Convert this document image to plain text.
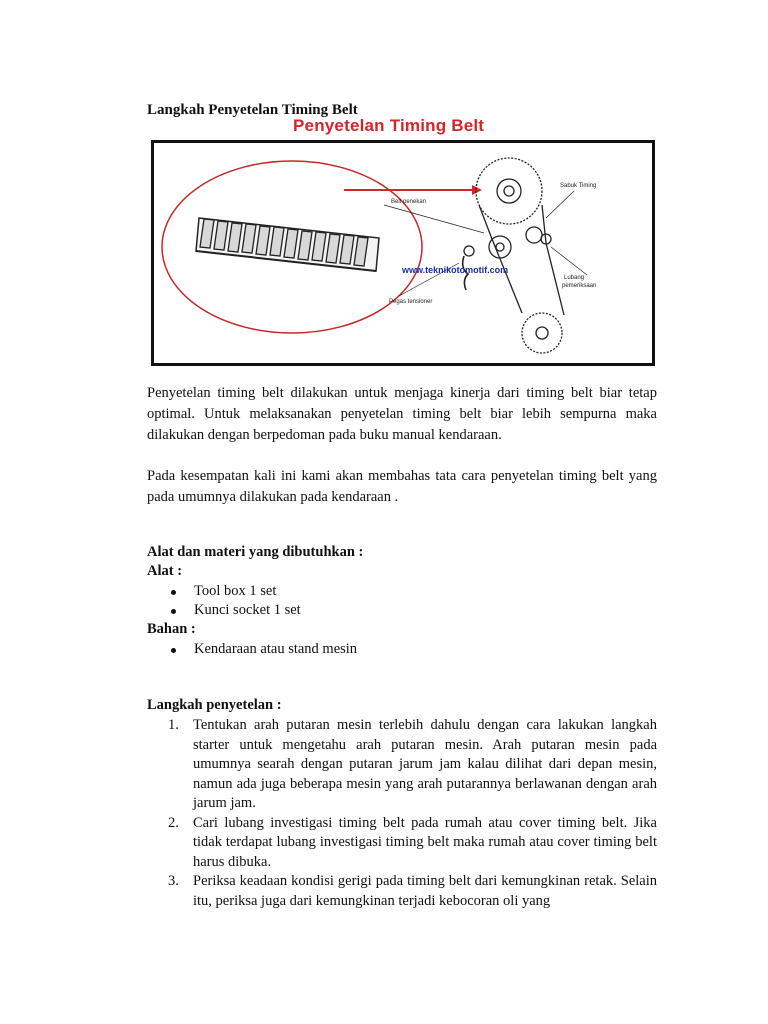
Langkah Penyetelan Timing Belt
Penyetelan Timing Belt
Belt penekan
Sabuk Timing
Lubang
pemeriksaan
Pegas tensioner
www.teknikotomotif.com

Penyetelan timing belt dilakukan untuk menjaga kinerja dari timing belt biar tetap optimal. Untuk melaksanakan penyetelan timing belt biar lebih sempurna maka dilakukan dengan berpedoman pada buku manual kendaraan.

Pada kesempatan kali ini kami akan membahas tata cara penyetelan timing belt yang pada umumnya dilakukan pada kendaraan .

Alat dan materi yang dibutuhkan :

Alat :

Tool box 1 set
Kunci socket 1 set

Bahan :

Kendaraan atau stand mesin

Langkah penyetelan :

1. Tentukan arah putaran mesin terlebih dahulu dengan cara lakukan langkah starter untuk mengetahu arah putaran mesin. Arah putaran mesin pada umumnya searah dengan putaran jarum jam kalau dilihat dari depan mesin, namun ada juga beberapa mesin yang arah putarannya berlawanan dengan arah jarum jam.
2. Cari lubang investigasi timing belt pada rumah atau cover timing belt. Jika tidak terdapat lubang investigasi timing belt maka rumah atau cover timing belt harus dibuka.
3. Periksa keadaan kondisi gerigi pada timing belt dari kemungkinan retak. Selain itu, periksa juga dari kemungkinan terjadi kebocoran oli yang
